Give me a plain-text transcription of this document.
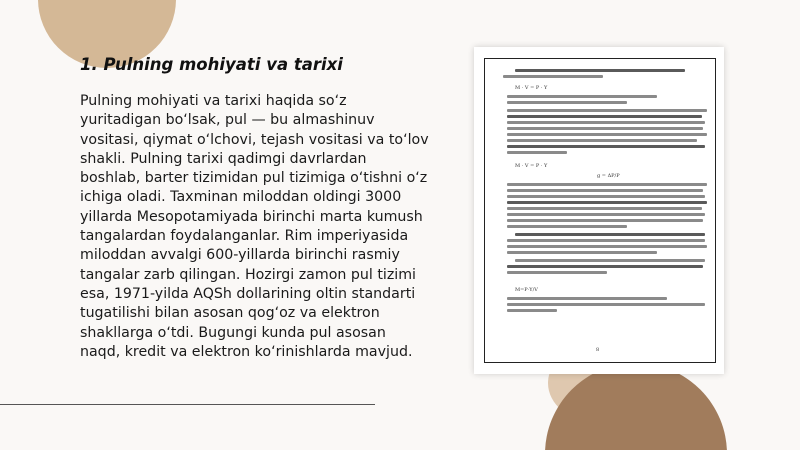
1. Pulning mohiyati va tarixi

Pulning mohiyati va tarixi haqida so‘z yuritadigan bo‘lsak, pul — bu almashinuv vositasi, qiymat o‘lchovi, tejash vositasi va to‘lov shakli. Pulning tarixi qadimgi davrlardan boshlab, barter tizimidan pul tizimiga o‘tishni o‘z ichiga oladi. Taxminan miloddan oldingi 3000 yillarda Mesopotamiyada birinchi marta kumush tangalardan foydalanganlar. Rim imperiyasida miloddan avvalgi 600-yillarda birinchi rasmiy tangalar zarb qilingan. Hozirgi zamon pul tizimi esa, 1971-yilda AQSh dollarining oltin standarti tugatilishi bilan asosan qog‘oz va elektron shakllarga o‘tdi. Bugungi kunda pul asosan naqd, kredit va elektron ko‘rinishlarda mavjud.

M · V = P · Y
M · V = P · Y
g = ΔP/P
M=P·Y/V
8
